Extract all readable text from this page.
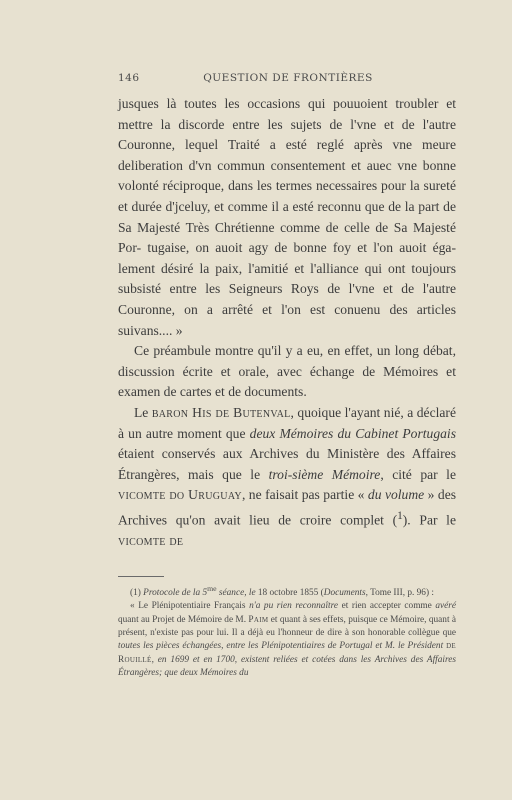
146	QUESTION DE FRONTIÈRES

jusques là toutes les occasions qui pouuoient troubler et mettre la discorde entre les sujets de l'vne et de l'autre Couronne, lequel Traité a esté reglé après vne meure deliberation d'vn commun consentement et auec vne bonne volonté réciproque, dans les termes necessaires pour la sureté et durée d'jceluy, et comme il a esté reconnu que de la part de Sa Majesté Très Chrétienne comme de celle de Sa Majesté Por- tugaise, on auoit agy de bonne foy et l'on auoit éga- lement désiré la paix, l'amitié et l'alliance qui ont toujours subsisté entre les Seigneurs Roys de l'vne et de l'autre Couronne, on a arrêté et l'on est conuenu des articles suivans.... »

Ce préambule montre qu'il y a eu, en effet, un long débat, discussion écrite et orale, avec échange de Mémoires et examen de cartes et de documents.

Le baron His de Butenval, quoique l'ayant nié, a déclaré à un autre moment que deux Mémoires du Cabinet Portugais étaient conservés aux Archives du Ministère des Affaires Étrangères, mais que le troi-sième Mémoire, cité par le vicomte do Uruguay, ne faisait pas partie « du volume » des Archives qu'on avait lieu de croire complet ($^1$). Par le vicomte de

(1) Protocole de la $5^{me}$ séance, le 18 octobre 1855 (Documents, Tome III, p. 96) :

« Le Plénipotentiaire Français n'a pu rien reconnaître et rien accepter comme avéré quant au Projet de Mémoire de M. Paim et quant à ses effets, puisque ce Mémoire, quant à présent, n'existe pas pour lui. Il a déjà eu l'honneur de dire à son honorable collègue que toutes les pièces échangées, entre les Plénipotentiaires de Portugal et M. le Président de Rouillé, en 1699 et en 1700, existent reliées et cotées dans les Archives des Affaires Étrangères; que deux Mémoires du
